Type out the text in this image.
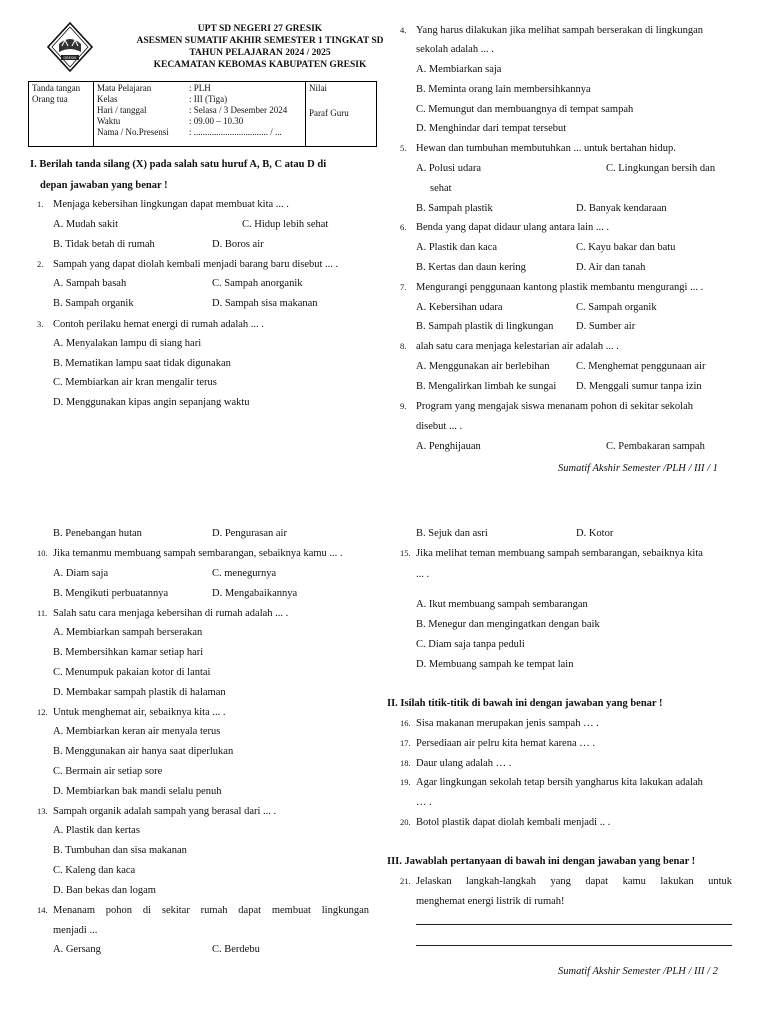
GRESIK
UPT SD NEGERI 27 GRESIK
ASESMEN SUMATIF AKHIR SEMESTER 1 TINGKAT SD
TAHUN PELAJARAN 2024 / 2025
KECAMATAN KEBOMAS KABUPATEN GRESIK
Tanda tangan
Orang tua

Mata Pelajaran	: PLH
Kelas	: III (Tiga)
Hari / tanggal	: Selasa / 3 Desember 2024
Waktu	: 09.00 – 10.30
Nama / No.Presensi	: ................................. / ...

Nilai
Paraf Guru
I. Berilah tanda silang (X) pada salah satu huruf A, B, C atau D di
depan jawaban yang benar !
1. Menjaga kebersihan lingkungan dapat membuat kita ... .
A. Mudah sakit	C. Hidup lebih sehat
B. Tidak betah di rumah	D. Boros air
2. Sampah yang dapat diolah kembali menjadi barang baru disebut ... .
A. Sampah basah	C. Sampah anorganik
B. Sampah organik	D. Sampah sisa makanan
3. Contoh perilaku hemat energi di rumah adalah ... .
A. Menyalakan lampu di siang hari
B. Mematikan lampu saat tidak digunakan
C. Membiarkan air kran mengalir terus
D. Menggunakan kipas angin sepanjang waktu
4. Yang harus dilakukan jika melihat sampah berserakan di lingkungan
sekolah adalah ... .
A. Membiarkan saja
B. Meminta orang lain membersihkannya
C. Memungut dan membuangnya di tempat sampah
D. Menghindar dari tempat tersebut
5. Hewan dan tumbuhan membutuhkan ... untuk bertahan hidup.
A. Polusi udara	C. Lingkungan bersih dan
sehat
B. Sampah plastik	D. Banyak kendaraan
6. Benda yang dapat didaur ulang antara lain ... .
A. Plastik dan kaca	C. Kayu bakar dan batu
B. Kertas dan daun kering	D. Air dan tanah
7. Mengurangi penggunaan kantong plastik membantu mengurangi ... .
A. Kebersihan udara	C. Sampah organik
B. Sampah plastik di lingkungan D. Sumber air
8. alah satu cara menjaga kelestarian air adalah ... .
A. Menggunakan air berlebihan	C. Menghemat penggunaan air
B. Mengalirkan limbah ke sungai D. Menggali sumur tanpa izin
9. Program yang mengajak siswa menanam pohon di sekitar sekolah
disebut ... .
A. Penghijauan	C. Pembakaran sampah
Sumatif Akshir Semester /PLH / III / 1
B. Penebangan hutan	D. Pengurasan air
10. Jika temanmu membuang sampah sembarangan, sebaiknya kamu ... .
A. Diam saja	C. menegurnya
B. Mengikuti perbuatannya	D. Mengabaikannya
11. Salah satu cara menjaga kebersihan di rumah adalah ... .
A. Membiarkan sampah berserakan
B. Membersihkan kamar setiap hari
C. Menumpuk pakaian kotor di lantai
D. Membakar sampah plastik di halaman
12. Untuk menghemat air, sebaiknya kita ... .
A. Membiarkan keran air menyala terus
B. Menggunakan air hanya saat diperlukan
C. Bermain air setiap sore
D. Membiarkan bak mandi selalu penuh
13. Sampah organik adalah sampah yang berasal dari ... .
A. Plastik dan kertas
B. Tumbuhan dan sisa makanan
C. Kaleng dan kaca
D. Ban bekas dan logam
14. Menanam pohon di sekitar rumah dapat membuat lingkungan
menjadi ...
A. Gersang	C. Berdebu
B. Sejuk dan asri	D. Kotor
15. Jika melihat teman membuang sampah sembarangan, sebaiknya kita
... .
A. Ikut membuang sampah sembarangan
B. Menegur dan mengingatkan dengan baik
C. Diam saja tanpa peduli
D. Membuang sampah ke tempat lain
II. Isilah titik-titik di bawah ini dengan jawaban yang benar !
16. Sisa makanan merupakan jenis sampah … .
17. Persediaan air pelru kita hemat karena … .
18. Daur ulang adalah … .
19. Agar lingkungan sekolah tetap bersih yangharus kita lakukan adalah
… .
20. Botol plastik dapat diolah kembali menjadi .. .
III. Jawablah pertanyaan di bawah ini dengan jawaban yang benar !
21. Jelaskan langkah-langkah yang dapat kamu lakukan untuk
menghemat energi listrik di rumah!
Sumatif Akshir Semester /PLH / III / 2
